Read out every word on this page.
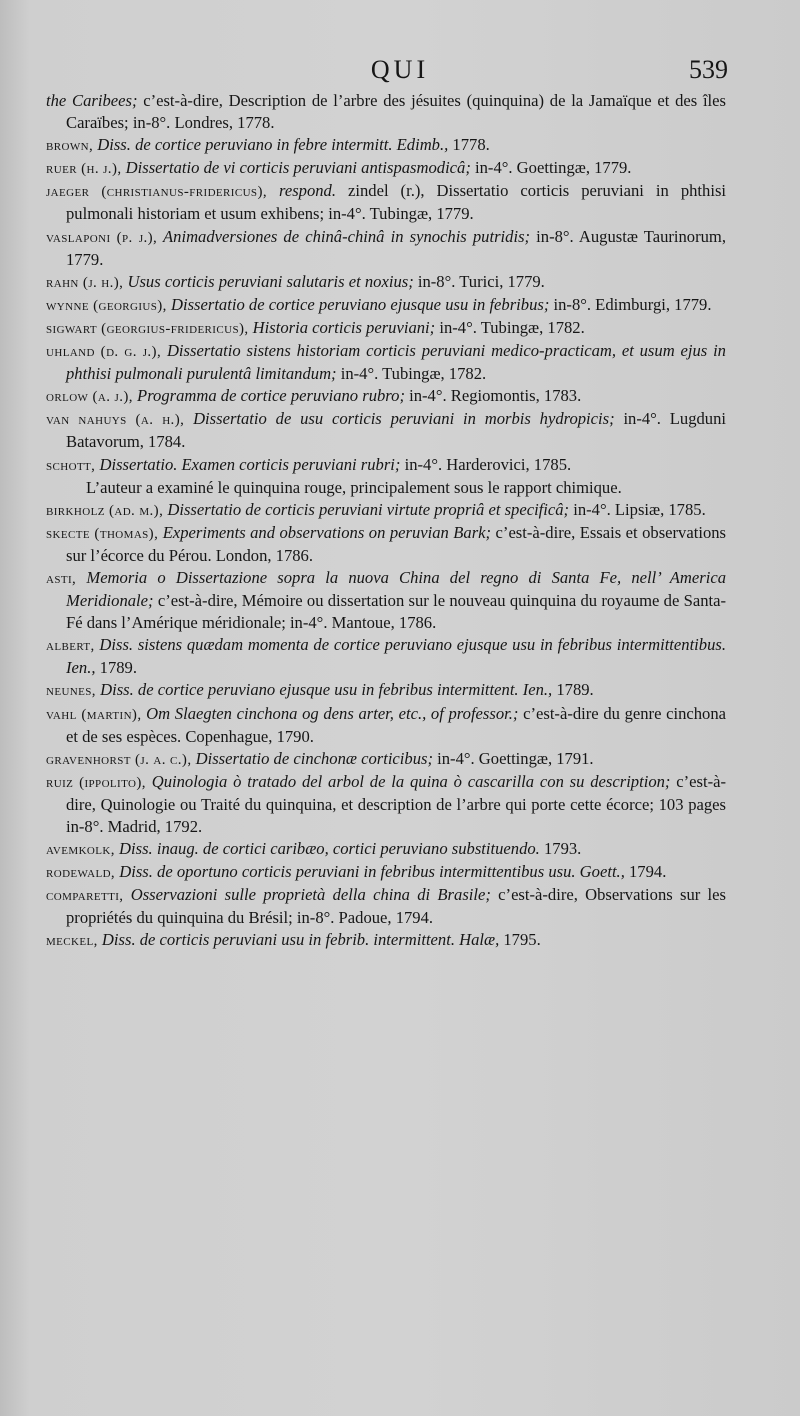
QUI	539

the Caribees; c’est-à-dire, Description de l’arbre des jésuites (quinquina) de la Jamaïque et des îles Caraïbes; in-8°. Londres, 1778.

brown, Diss. de cortice peruviano in febre intermitt. Edimb., 1778.

ruer (h. j.), Dissertatio de vi corticis peruviani antispasmodicâ; in-4°. Goettingæ, 1779.

jaeger (christianus-fridericus), respond. zindel (r.), Dissertatio corticis peruviani in phthisi pulmonali historiam et usum exhibens; in-4°. Tubingæ, 1779.

vaslaponi (p. j.), Animadversiones de chinâ-chinâ in synochis putridis; in-8°. Augustæ Taurinorum, 1779.

rahn (j. h.), Usus corticis peruviani salutaris et noxius; in-8°. Turici, 1779.

wynne (georgius), Dissertatio de cortice peruviano ejusque usu in febribus; in-8°. Edimburgi, 1779.

sigwart (georgius-fridericus), Historia corticis peruviani; in-4°. Tubingæ, 1782.

uhland (d. g. j.), Dissertatio sistens historiam corticis peruviani medico-practicam, et usum ejus in phthisi pulmonali purulentâ limitandum; in-4°. Tubingæ, 1782.

orlow (a. j.), Programma de cortice peruviano rubro; in-4°. Regiomontis, 1783.

van nahuys (a. h.), Dissertatio de usu corticis peruviani in morbis hydropicis; in-4°. Lugduni Batavorum, 1784.

schott, Dissertatio. Examen corticis peruviani rubri; in-4°. Harderovici, 1785.

L’auteur a examiné le quinquina rouge, principalement sous le rapport chimique.

birkholz (ad. m.), Dissertatio de corticis peruviani virtute propriâ et specificâ; in-4°. Lipsiæ, 1785.

skecte (thomas), Experiments and observations on peruvian Bark; c’est-à-dire, Essais et observations sur l’écorce du Pérou. London, 1786.

asti, Memoria o Dissertazione sopra la nuova China del regno di Santa Fe, nell’ America Meridionale; c’est-à-dire, Mémoire ou dissertation sur le nouveau quinquina du royaume de Santa-Fé dans l’Amérique méridionale; in-4°. Mantoue, 1786.

albert, Diss. sistens quædam momenta de cortice peruviano ejusque usu in febribus intermittentibus. Ien., 1789.

neunes, Diss. de cortice peruviano ejusque usu in febribus intermittent. Ien., 1789.

vahl (martin), Om Slaegten cinchona og dens arter, etc., of professor.; c’est-à-dire du genre cinchona et de ses espèces. Copenhague, 1790.

gravenhorst (j. a. c.), Dissertatio de cinchonæ corticibus; in-4°. Goettingæ, 1791.

ruiz (ippolito), Quinologia ò tratado del arbol de la quina ò cascarilla con su description; c’est-à-dire, Quinologie ou Traité du quinquina, et description de l’arbre qui porte cette écorce; 103 pages in-8°. Madrid, 1792.

avemkolk, Diss. inaug. de cortici caribæo, cortici peruviano substituendo. 1793.

rodewald, Diss. de oportuno corticis peruviani in febribus intermittentibus usu. Goett., 1794.

comparetti, Osservazioni sulle proprietà della china di Brasile; c’est-à-dire, Observations sur les propriétés du quinquina du Brésil; in-8°. Padoue, 1794.

meckel, Diss. de corticis peruviani usu in febrib. intermittent. Halæ, 1795.
